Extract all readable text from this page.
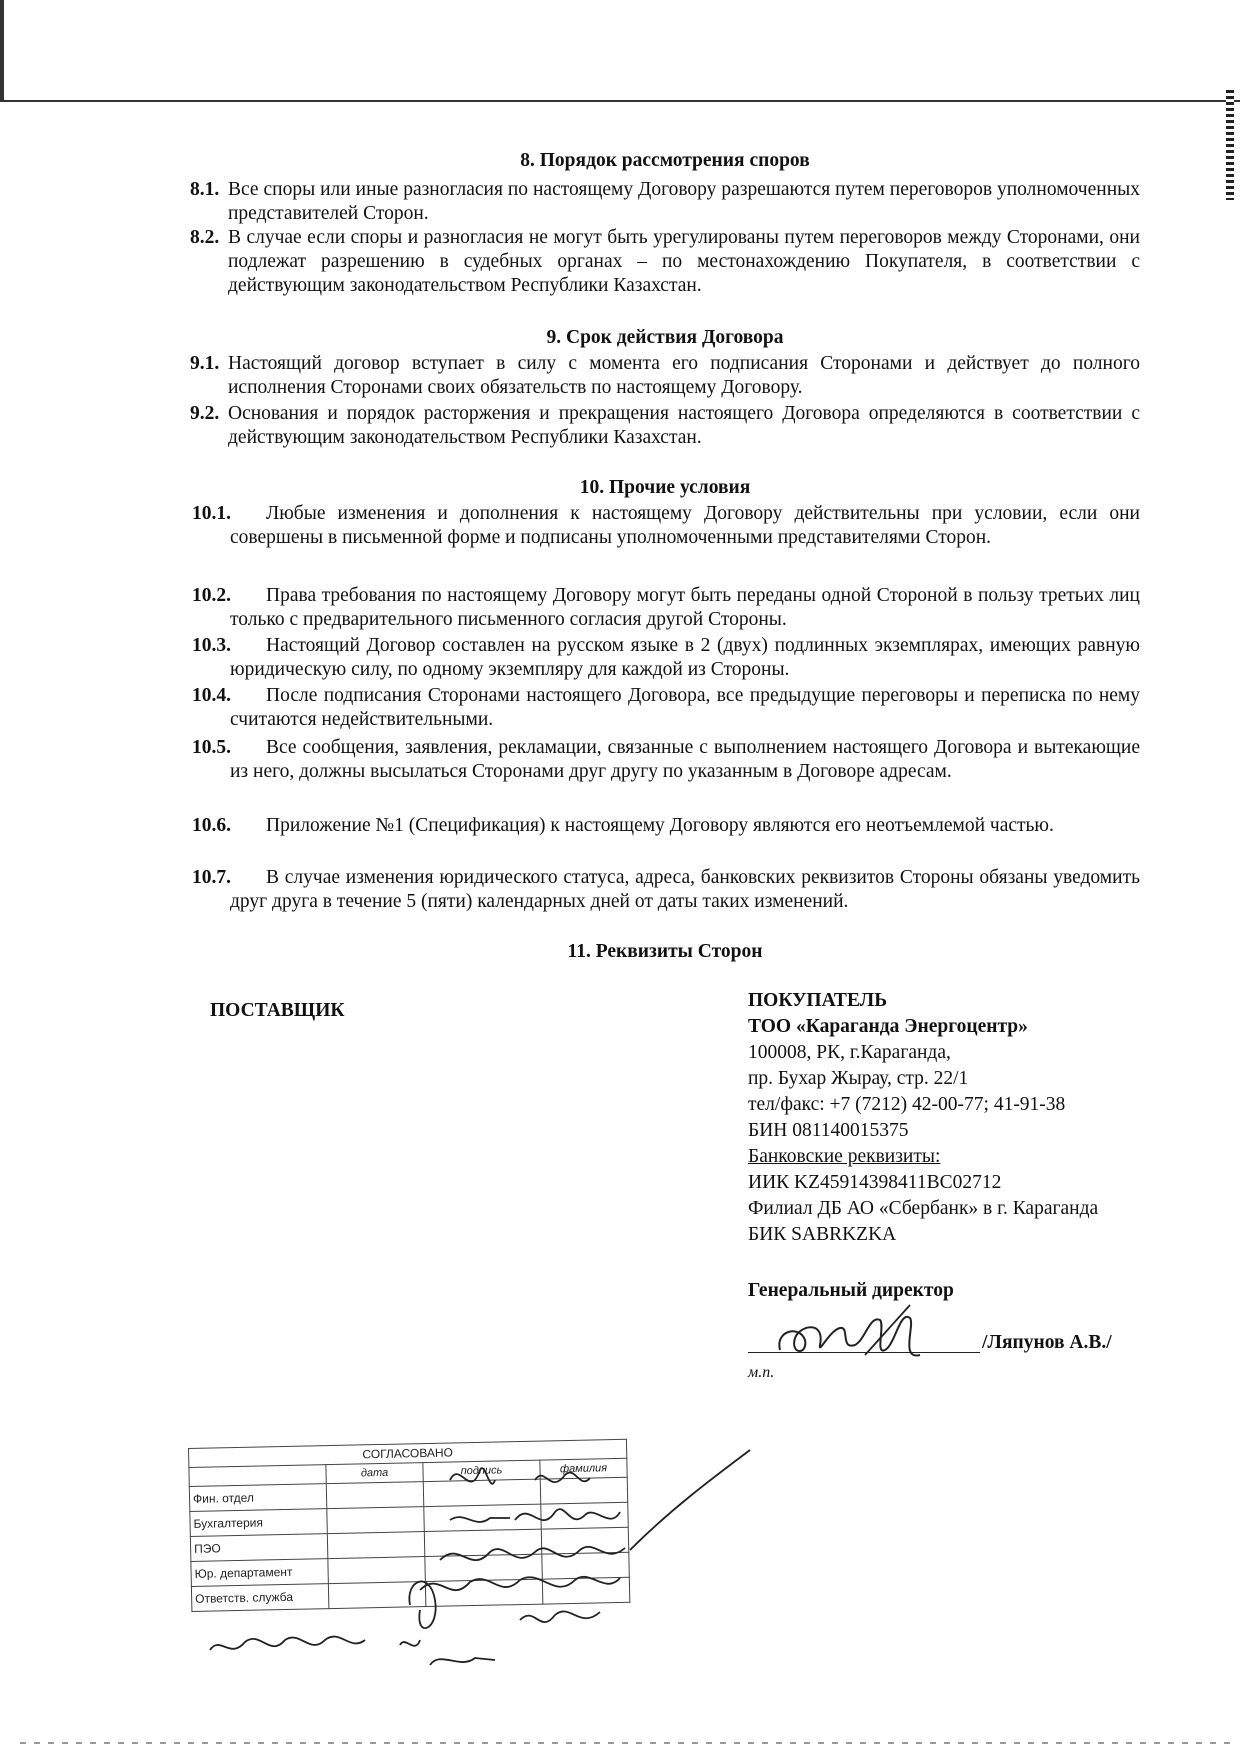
8. Порядок рассмотрения споров
8.1. Все споры или иные разногласия по настоящему Договору разрешаются путем переговоров уполномоченных представителей Сторон.
8.2. В случае если споры и разногласия не могут быть урегулированы путем переговоров между Сторонами, они подлежат разрешению в судебных органах – по местонахождению Покупателя, в соответствии с действующим законодательством Республики Казахстан.
9. Срок действия Договора
9.1. Настоящий договор вступает в силу с момента его подписания Сторонами и действует до полного исполнения Сторонами своих обязательств по настоящему Договору.
9.2. Основания и порядок расторжения и прекращения настоящего Договора определяются в соответствии с действующим законодательством Республики Казахстан.
10. Прочие условия
10.1. Любые изменения и дополнения к настоящему Договору действительны при условии, если они совершены в письменной форме и подписаны уполномоченными представителями Сторон.
10.2. Права требования по настоящему Договору могут быть переданы одной Стороной в пользу третьих лиц только с предварительного письменного согласия другой Стороны.
10.3. Настоящий Договор составлен на русском языке в 2 (двух) подлинных экземплярах, имеющих равную юридическую силу, по одному экземпляру для каждой из Стороны.
10.4. После подписания Сторонами настоящего Договора, все предыдущие переговоры и переписка по нему считаются недействительными.
10.5. Все сообщения, заявления, рекламации, связанные с выполнением настоящего Договора и вытекающие из него, должны высылаться Сторонами друг другу по указанным в Договоре адресам.
10.6. Приложение №1 (Спецификация) к настоящему Договору являются его неотъемлемой частью.
10.7. В случае изменения юридического статуса, адреса, банковских реквизитов Стороны обязаны уведомить друг друга в течение 5 (пяти) календарных дней от даты таких изменений.
11. Реквизиты Сторон
ПОСТАВЩИК	ПОКУПАТЕЛЬ
ТОО «Караганда Энергоцентр»
100008, РК, г.Караганда,
пр. Бухар Жырау, стр. 22/1
тел/факс: +7 (7212) 42-00-77; 41-91-38
БИН 081140015375
Банковские реквизиты:
ИИК KZ45914398411BC02712
Филиал ДБ АО «Сбербанк» в г. Караганда
БИК SABRKZKA
Генеральный директор
/Ляпунов А.В./
м.п.
СОГЛАСОВАНО			
	дата	подпись	фамилия
Фин. отдел			
Бухгалтерия			
ПЭО			
Юр. департамент			
Ответств. служба			
